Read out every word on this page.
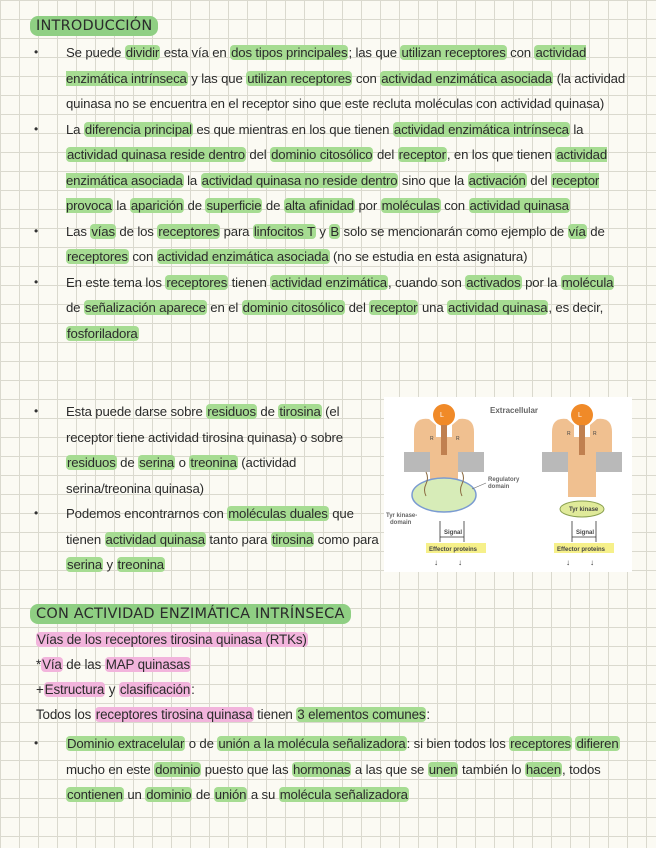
INTRODUCCIÓN
• Se puede dividir esta vía en dos tipos principales; las que utilizan receptores con actividad enzimática intrínseca y las que utilizan receptores con actividad enzimática asociada (la actividad quinasa no se encuentra en el receptor sino que este recluta moléculas con actividad quinasa)
• La diferencia principal es que mientras en los que tienen actividad enzimática intrínseca la actividad quinasa reside dentro del dominio citosólico del receptor, en los que tienen actividad enzimática asociada la actividad quinasa no reside dentro sino que la activación del receptor provoca la aparición de superficie de alta afinidad por moléculas con actividad quinasa
• Las vías de los receptores para linfocitos T y B solo se mencionarán como ejemplo de vía de receptores con actividad enzimática asociada (no se estudia en esta asignatura)
• En este tema los receptores tienen actividad enzimática, cuando son activados por la molécula de señalización aparece en el dominio citosólico del receptor una actividad quinasa, es decir, fosforiladora
• Esta puede darse sobre residuos de tirosina (el receptor tiene actividad tirosina quinasa) o sobre residuos de serina o treonina (actividad serina/treonina quinasa)
• Podemos encontrarnos con moléculas duales que tienen actividad quinasa tanto para tirosina como para serina y treonina
L	L
R	R
R	R
Extracellular
Regulatory
domain
Tyr kinase-
domain
Tyr kinase
Signal	Signal
Effector proteins	Effector proteins
↓	↓	↓	↓
CON ACTIVIDAD ENZIMÁTICA INTRÍNSECA
Vías de los receptores tirosina quinasa (RTKs)
*Vía de las MAP quinasas
+Estructura y clasificación:
Todos los receptores tirosina quinasa tienen 3 elementos comunes:
• Dominio extracelular o de unión a la molécula señalizadora: si bien todos los receptores difieren mucho en este dominio puesto que las hormonas a las que se unen también lo hacen, todos contienen un dominio de unión a su molécula señalizadora
